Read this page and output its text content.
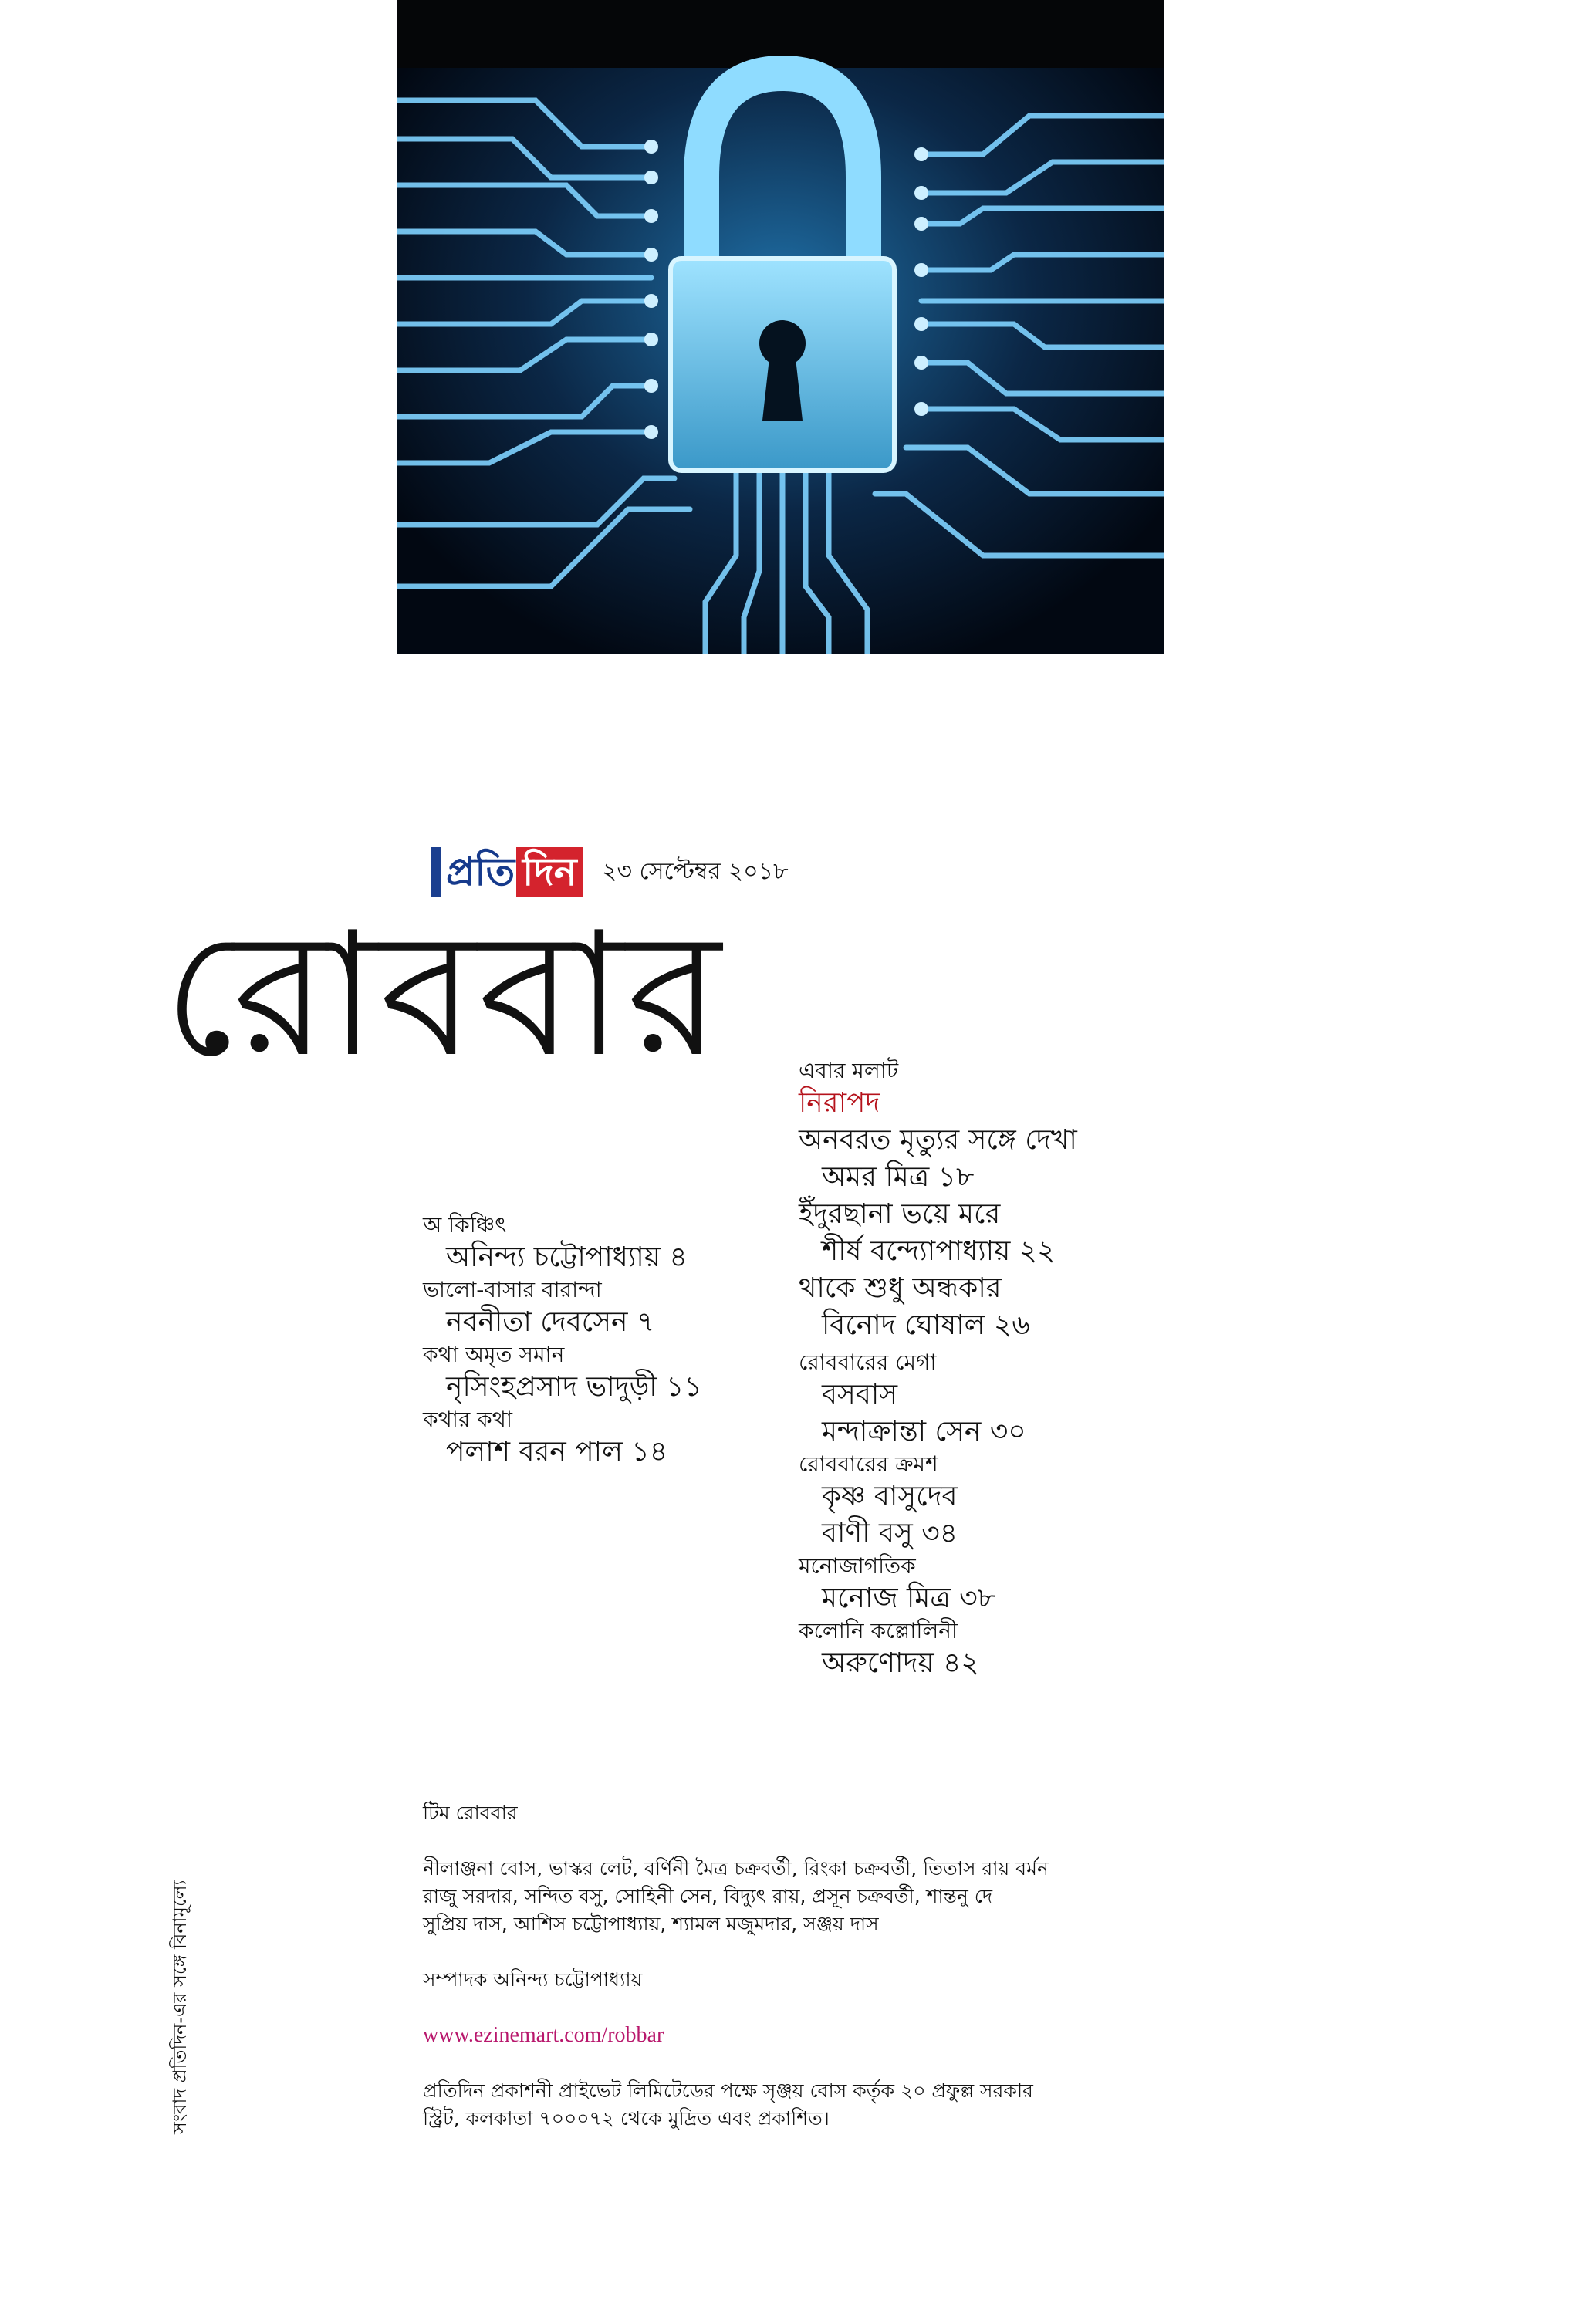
প্রতি দিন ২৩ সেপ্টেম্বর ২০১৮
রোববার	এবার মলাট
নিরাপদ
অনবরত মৃত্যুর সঙ্গে দেখা
অমর মিত্র ১৮
ইঁদুরছানা ভয়ে মরে
শীর্ষ বন্দ্যোপাধ্যায় ২২
থাকে শুধু অন্ধকার
বিনোদ ঘোষাল ২৬
রোববারের মেগা
বসবাস
মন্দাক্রান্তা সেন ৩০
রোববারের ক্রমশ
কৃষ্ণ বাসুদেব
বাণী বসু ৩৪
মনোজাগতিক
মনোজ মিত্র ৩৮
কলোনি কল্লোলিনী
অরুণোদয় ৪২
অ কিঞ্চিৎ
অনিন্দ্য চট্টোপাধ্যায় ৪
ভালো-বাসার বারান্দা
নবনীতা দেবসেন ৭
কথা অমৃত সমান
নৃসিংহপ্রসাদ ভাদুড়ী ১১
কথার কথা
পলাশ বরন পাল ১৪

টিম রোববার

নীলাঞ্জনা বোস, ভাস্কর লেট, বর্ণিনী মৈত্র চক্রবর্তী, রিংকা চক্রবর্তী, তিতাস রায় বর্মন

রাজু সরদার, সন্দিত বসু, সোহিনী সেন, বিদ্যুৎ রায়, প্রসূন চক্রবর্তী, শান্তনু দে

সুপ্রিয় দাস, আশিস চট্টোপাধ্যায়, শ্যামল মজুমদার, সঞ্জয় দাস

সম্পাদক অনিন্দ্য চট্টোপাধ্যায়

www.ezinemart.com/robbar

প্রতিদিন প্রকাশনী প্রাইভেট লিমিটেডের পক্ষে সৃঞ্জয় বোস কর্তৃক ২০ প্রফুল্ল সরকার

স্ট্রিট, কলকাতা ৭০০০৭২ থেকে মুদ্রিত এবং প্রকাশিত।

সংবাদ প্রতিদিন-এর সঙ্গে বিনামূল্যে
